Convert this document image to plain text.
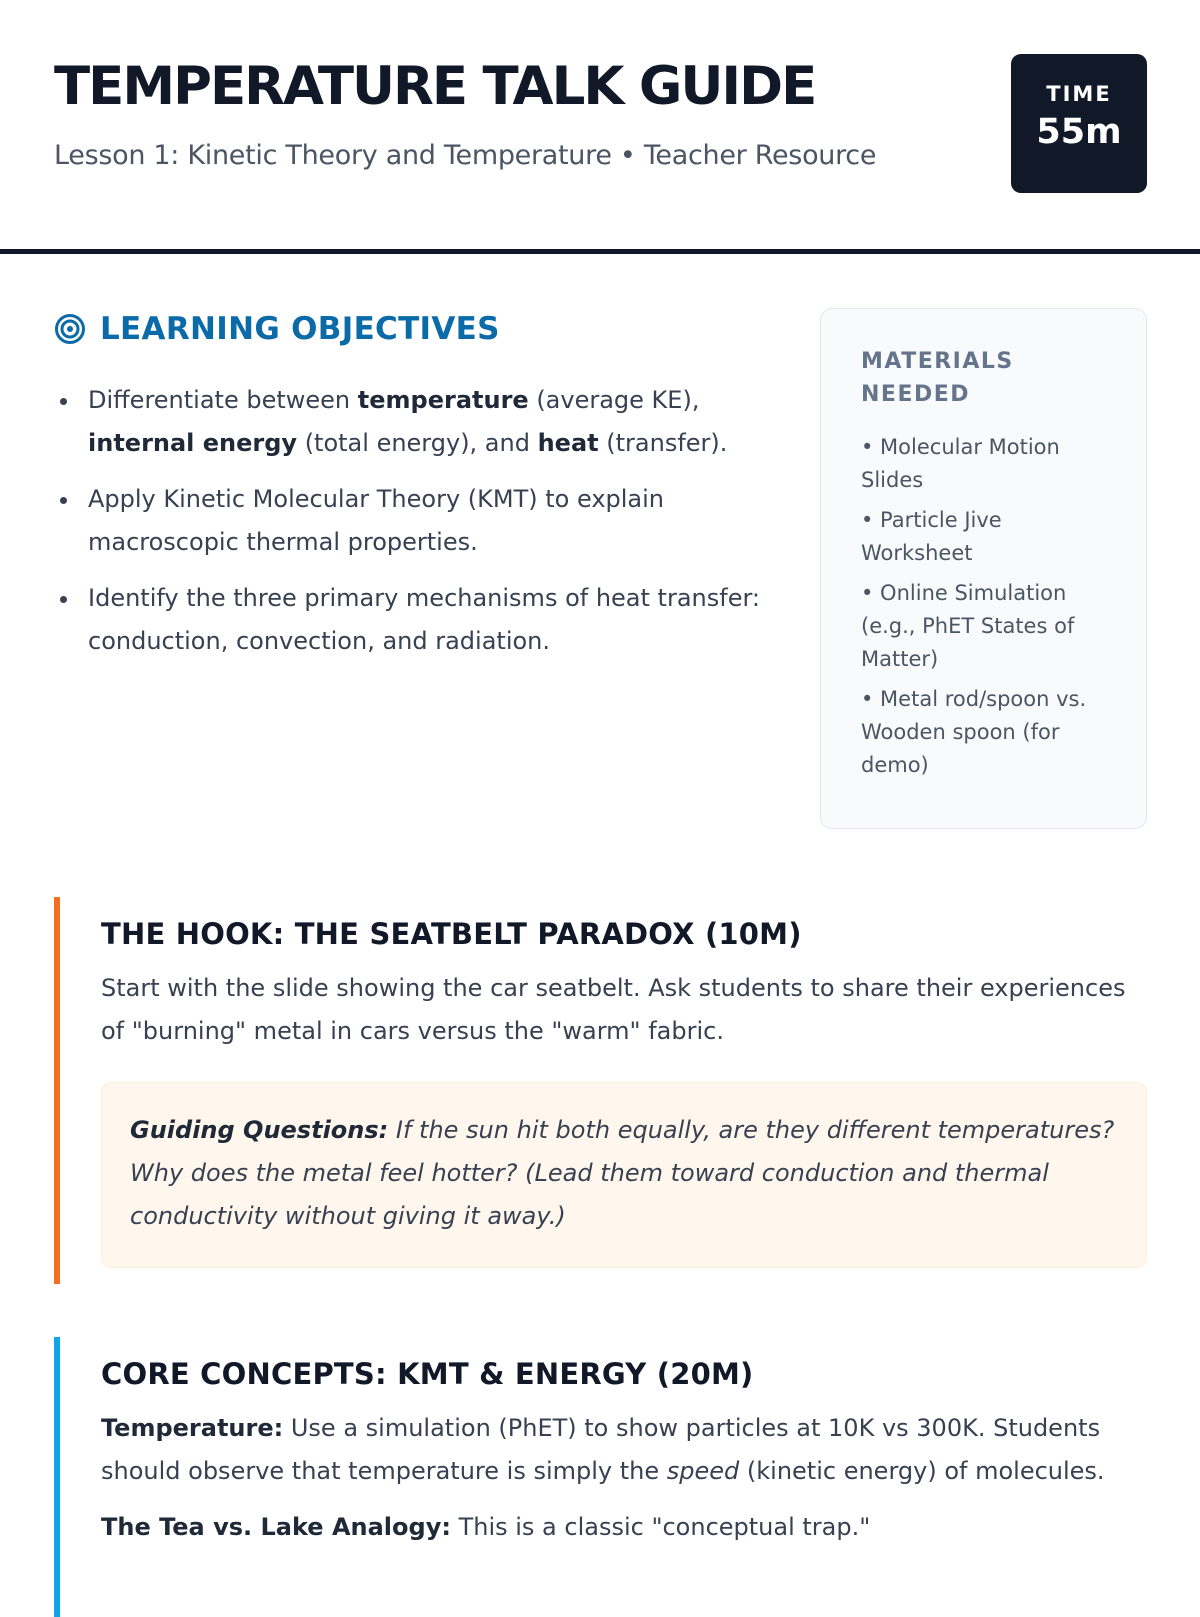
TEMPERATURE TALK GUIDE
Lesson 1: Kinetic Theory and Temperature • Teacher Resource
TIME
55m
LEARNING OBJECTIVES
Differentiate between temperature (average KE), internal energy (total energy), and heat (transfer).
Apply Kinetic Molecular Theory (KMT) to explain macroscopic thermal properties.
Identify the three primary mechanisms of heat transfer: conduction, convection, and radiation.
MATERIALS NEEDED
• Molecular Motion Slides
• Particle Jive Worksheet
• Online Simulation (e.g., PhET States of Matter)
• Metal rod/spoon vs. Wooden spoon (for demo)
THE HOOK: THE SEATBELT PARADOX (10M)

Start with the slide showing the car seatbelt. Ask students to share their experiences of "burning" metal in cars versus the "warm" fabric.

Guiding Questions: If the sun hit both equally, are they different temperatures? Why does the metal feel hotter? (Lead them toward conduction and thermal conductivity without giving it away.)
CORE CONCEPTS: KMT & ENERGY (20M)

Temperature: Use a simulation (PhET) to show particles at 10K vs 300K. Students should observe that temperature is simply the speed (kinetic energy) of molecules.

The Tea vs. Lake Analogy: This is a classic "conceptual trap."
